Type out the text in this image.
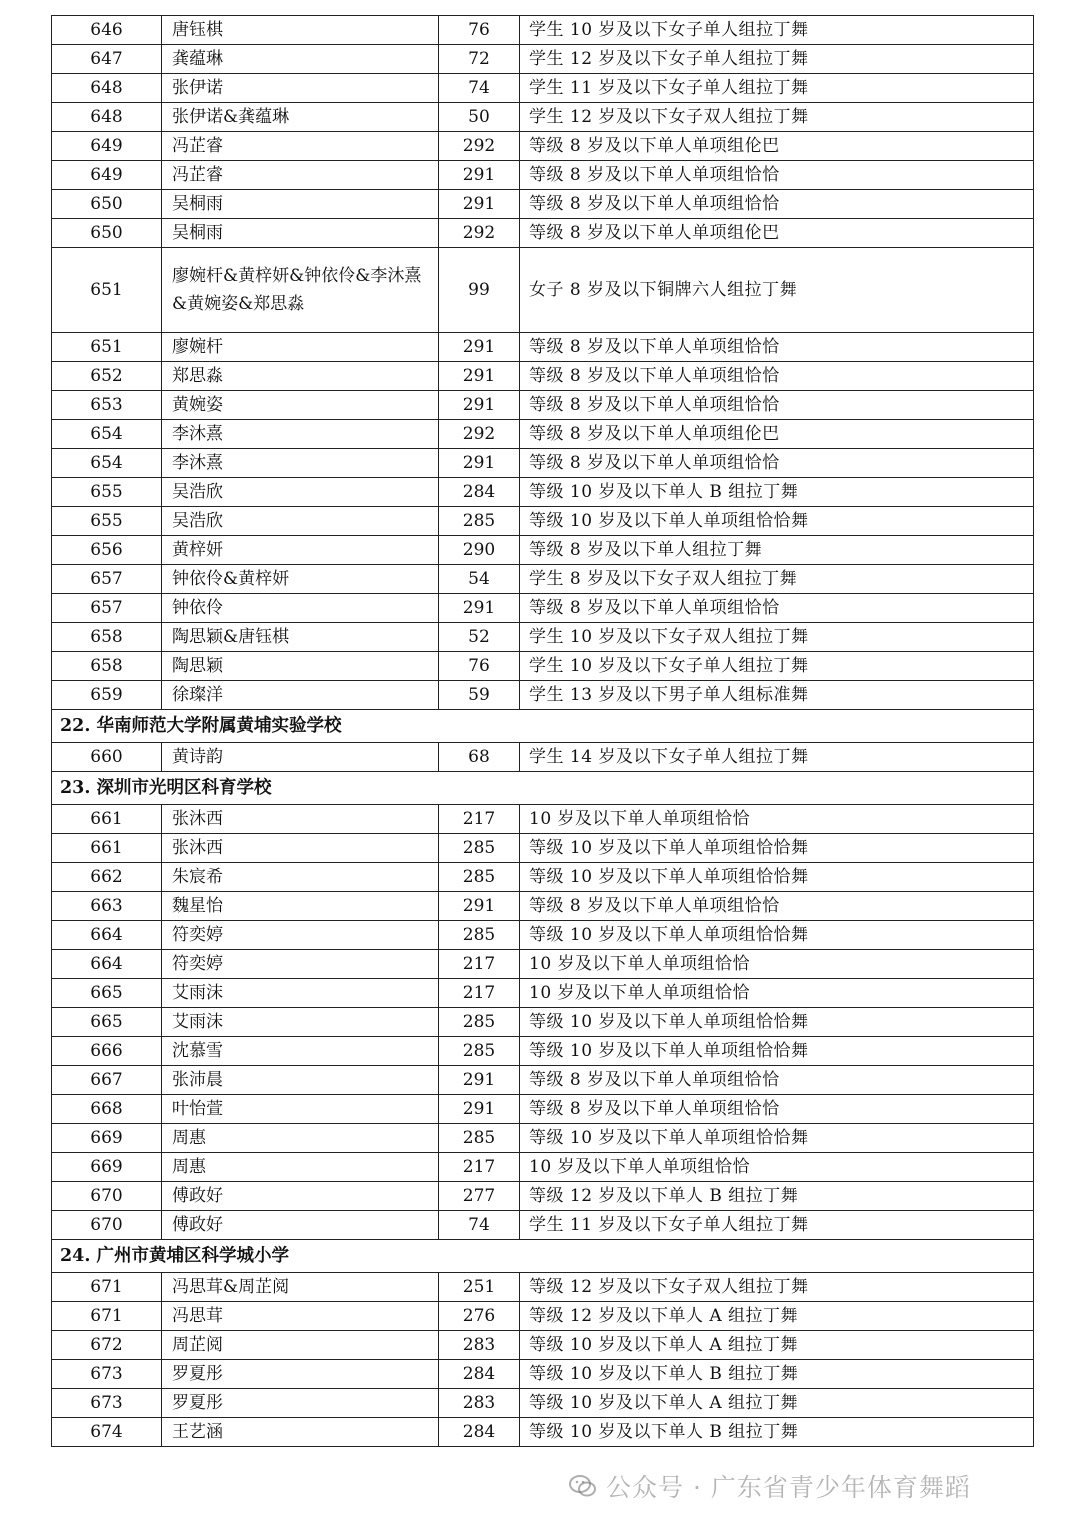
646	唐钰棋	76	学生 10 岁及以下女子单人组拉丁舞
647	龚蕴琳	72	学生 12 岁及以下女子单人组拉丁舞
648	张伊诺	74	学生 11 岁及以下女子单人组拉丁舞
648	张伊诺&龚蕴琳	50	学生 12 岁及以下女子双人组拉丁舞
649	冯芷睿	292	等级 8 岁及以下单人单项组伦巴
649	冯芷睿	291	等级 8 岁及以下单人单项组恰恰
650	吴桐雨	291	等级 8 岁及以下单人单项组恰恰
650	吴桐雨	292	等级 8 岁及以下单人单项组伦巴
651	廖婉杆&黄梓妍&钟依伶&李沐熹&黄婉姿&郑思淼	99	女子 8 岁及以下铜牌六人组拉丁舞
651	廖婉杆	291	等级 8 岁及以下单人单项组恰恰
652	郑思淼	291	等级 8 岁及以下单人单项组恰恰
653	黄婉姿	291	等级 8 岁及以下单人单项组恰恰
654	李沐熹	292	等级 8 岁及以下单人单项组伦巴
654	李沐熹	291	等级 8 岁及以下单人单项组恰恰
655	吴浩欣	284	等级 10 岁及以下单人 B 组拉丁舞
655	吴浩欣	285	等级 10 岁及以下单人单项组恰恰舞
656	黄梓妍	290	等级 8 岁及以下单人组拉丁舞
657	钟依伶&黄梓妍	54	学生 8 岁及以下女子双人组拉丁舞
657	钟依伶	291	等级 8 岁及以下单人单项组恰恰
658	陶思颖&唐钰棋	52	学生 10 岁及以下女子双人组拉丁舞
658	陶思颖	76	学生 10 岁及以下女子单人组拉丁舞
659	徐璨洋	59	学生 13 岁及以下男子单人组标准舞
22. 华南师范大学附属黄埔实验学校			
660	黄诗韵	68	学生 14 岁及以下女子单人组拉丁舞
23. 深圳市光明区科育学校			
661	张沐西	217	10 岁及以下单人单项组恰恰
661	张沐西	285	等级 10 岁及以下单人单项组恰恰舞
662	朱宸希	285	等级 10 岁及以下单人单项组恰恰舞
663	魏星怡	291	等级 8 岁及以下单人单项组恰恰
664	符奕婷	285	等级 10 岁及以下单人单项组恰恰舞
664	符奕婷	217	10 岁及以下单人单项组恰恰
665	艾雨沫	217	10 岁及以下单人单项组恰恰
665	艾雨沫	285	等级 10 岁及以下单人单项组恰恰舞
666	沈慕雪	285	等级 10 岁及以下单人单项组恰恰舞
667	张沛晨	291	等级 8 岁及以下单人单项组恰恰
668	叶怡萱	291	等级 8 岁及以下单人单项组恰恰
669	周惠	285	等级 10 岁及以下单人单项组恰恰舞
669	周惠	217	10 岁及以下单人单项组恰恰
670	傅政好	277	等级 12 岁及以下单人 B 组拉丁舞
670	傅政好	74	学生 11 岁及以下女子单人组拉丁舞
24. 广州市黄埔区科学城小学			
671	冯思茸&周芷阅	251	等级 12 岁及以下女子双人组拉丁舞
671	冯思茸	276	等级 12 岁及以下单人 A 组拉丁舞
672	周芷阅	283	等级 10 岁及以下单人 A 组拉丁舞
673	罗夏彤	284	等级 10 岁及以下单人 B 组拉丁舞
673	罗夏彤	283	等级 10 岁及以下单人 A 组拉丁舞
674	王艺涵	284	等级 10 岁及以下单人 B 组拉丁舞
公众号 · 广东省青少年体育舞蹈
